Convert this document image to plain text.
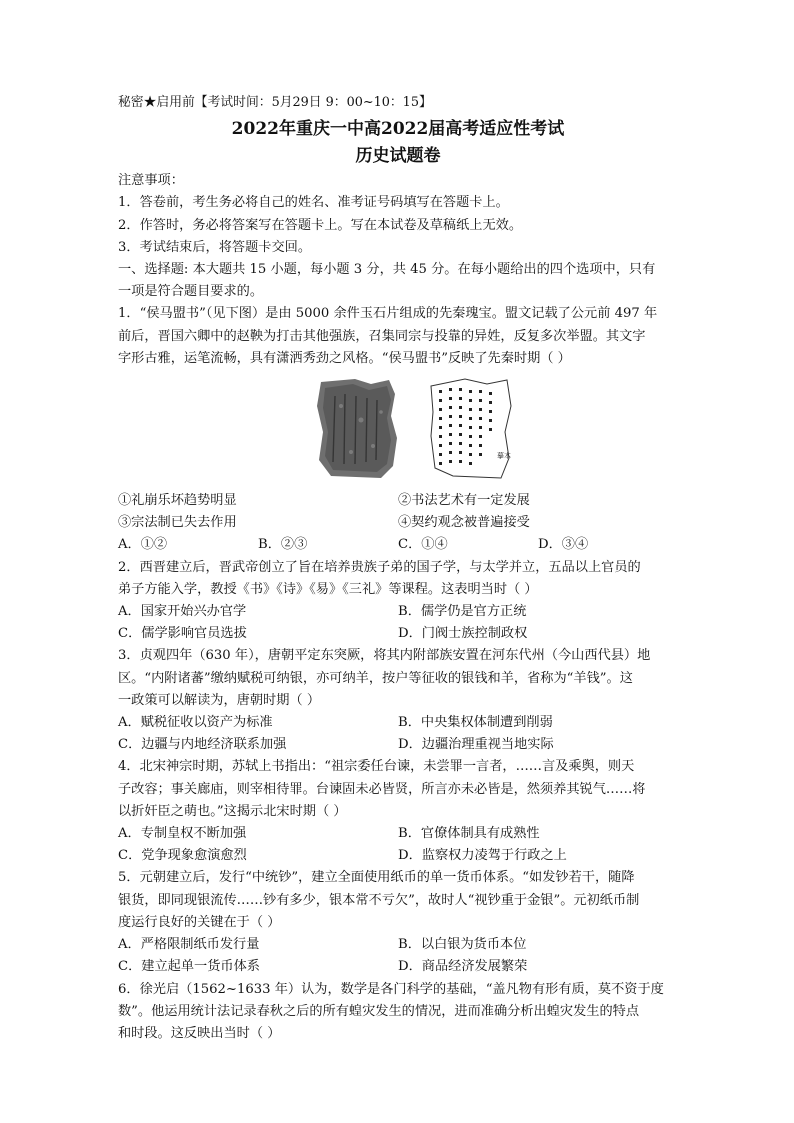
秘密★启用前【考试时间：5月29日 9：00~10：15】
2022年重庆一中高2022届高考适应性考试
历史试题卷
注意事项：
1．答卷前，考生务必将自己的姓名、准考证号码填写在答题卡上。
2．作答时，务必将答案写在答题卡上。写在本试卷及草稿纸上无效。
3．考试结束后，将答题卡交回。
一、选择题: 本大题共 15 小题，每小题 3 分，共 45 分。在每小题给出的四个选项中，只有
一项是符合题目要求的。
1．“侯马盟书”（见下图）是由 5000 余件玉石片组成的先秦瑰宝。盟文记载了公元前 497 年
前后，晋国六卿中的赵鞅为打击其他强族，召集同宗与投靠的异姓，反复多次举盟。其文字
字形古雅，运笔流畅，具有潇洒秀劲之风格。“侯马盟书”反映了先秦时期（ ）
摹本
①礼崩乐坏趋势明显	②书法艺术有一定发展
③宗法制已失去作用	④契约观念被普遍接受
A．①②	B．②③	C．①④	D．③④
2．西晋建立后，晋武帝创立了旨在培养贵族子弟的国子学，与太学并立，五品以上官员的
弟子方能入学，教授《书》《诗》《易》《三礼》等课程。这表明当时（ ）
A．国家开始兴办官学	B．儒学仍是官方正统
C．儒学影响官员选拔	D．门阀士族控制政权
3．贞观四年（630 年），唐朝平定东突厥，将其内附部族安置在河东代州（今山西代县）地
区。“内附诸蕃”缴纳赋税可纳银，亦可纳羊，按户等征收的银钱和羊，省称为“羊钱”。这
一政策可以解读为，唐朝时期（ ）
A．赋税征收以资产为标准	B．中央集权体制遭到削弱
C．边疆与内地经济联系加强	D．边疆治理重视当地实际
4．北宋神宗时期，苏轼上书指出：“祖宗委任台谏，未尝罪一言者，……言及乘舆，则天
子改容；事关廊庙，则宰相待罪。台谏固未必皆贤，所言亦未必皆是，然须养其锐气……将
以折奸臣之萌也。”这揭示北宋时期（ ）
A．专制皇权不断加强	B．官僚体制具有成熟性
C．党争现象愈演愈烈	D．监察权力凌驾于行政之上
5．元朝建立后，发行“中统钞”，建立全面使用纸币的单一货币体系。“如发钞若干，随降
银货，即同现银流传……钞有多少，银本常不亏欠”，故时人“视钞重于金银”。元初纸币制
度运行良好的关键在于（ ）
A．严格限制纸币发行量	B．以白银为货币本位
C．建立起单一货币体系	D．商品经济发展繁荣
6．徐光启（1562~1633 年）认为，数学是各门科学的基础，“盖凡物有形有质，莫不资于度
数”。他运用统计法记录春秋之后的所有蝗灾发生的情况，进而准确分析出蝗灾发生的特点
和时段。这反映出当时（ ）
